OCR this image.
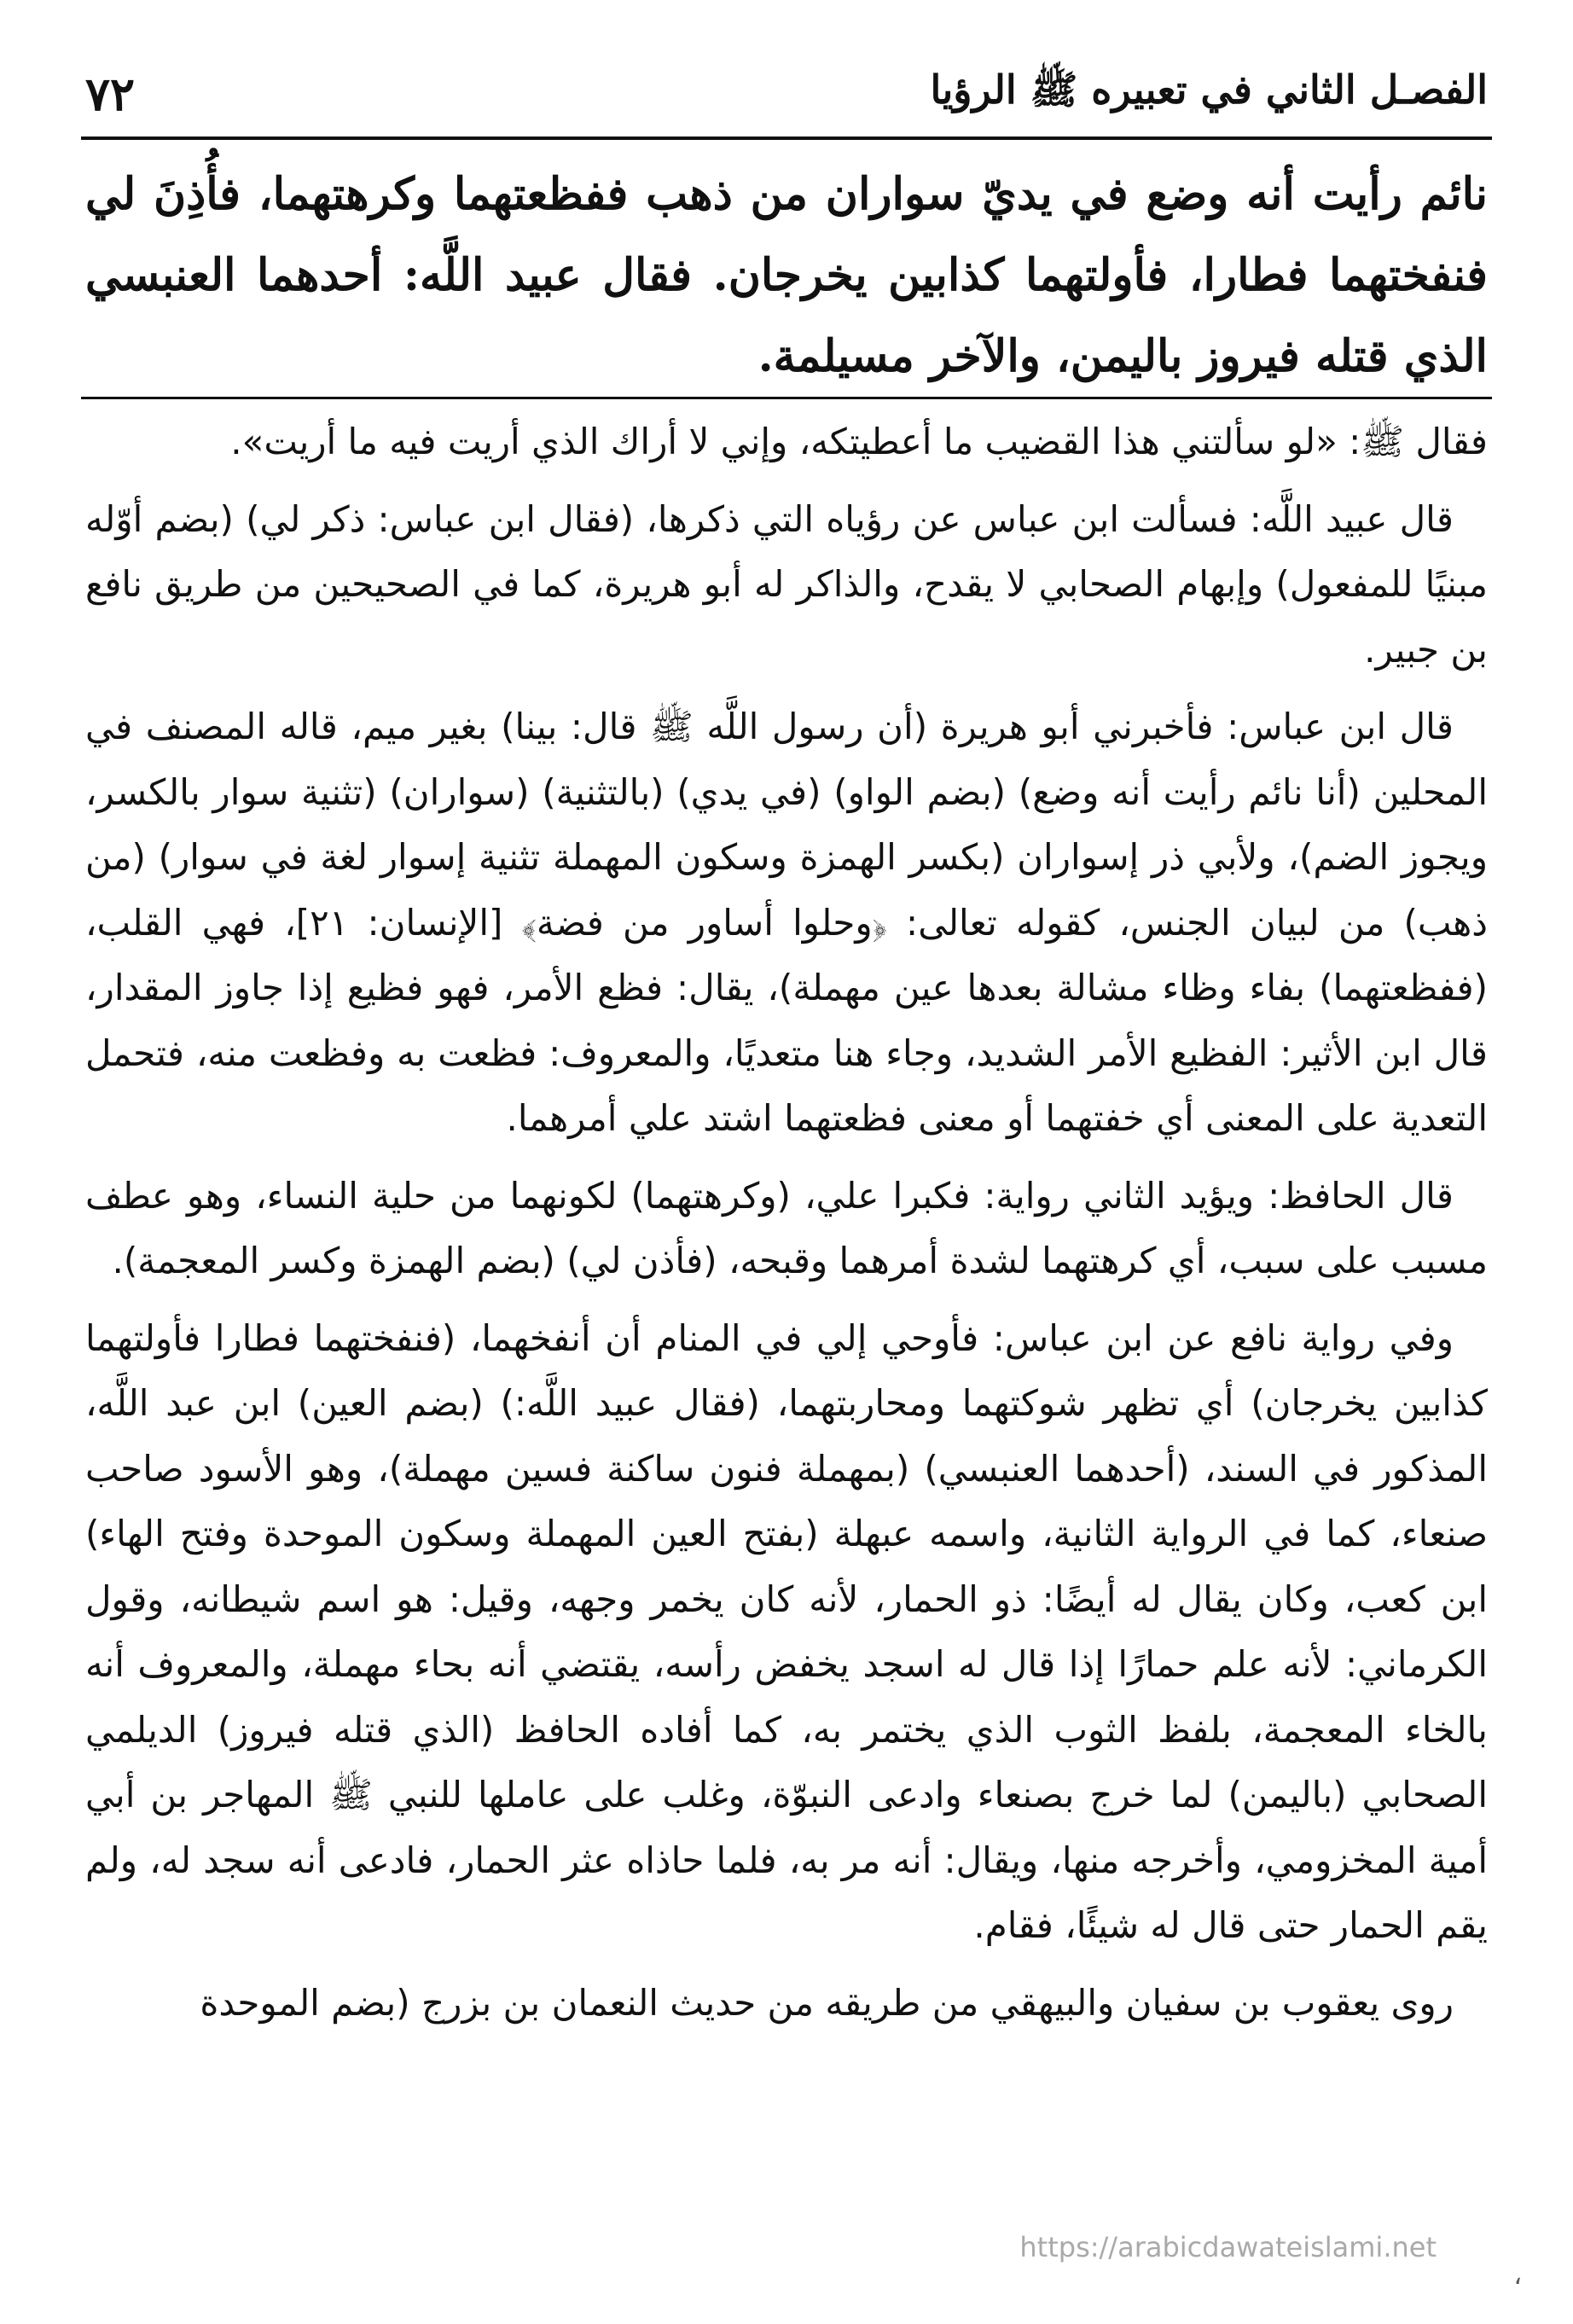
٧٢	الفصـل الثاني في تعبيره ﷺ الرؤيا
نائم رأيت أنه وضع في يديّ سواران من ذهب ففظعتهما وكرهتهما، فأُذِنَ لي فنفختهما فطارا، فأولتهما كذابين يخرجان. فقال عبيد اللَّه: أحدهما العنبسي الذي قتله فيروز باليمن، والآخر مسيلمة.

فقال ﷺ: «لو سألتني هذا القضيب ما أعطيتكه، وإني لا أراك الذي أريت فيه ما أريت».

قال عبيد اللَّه: فسألت ابن عباس عن رؤياه التي ذكرها، (فقال ابن عباس: ذكر لي) (بضم أوّله مبنيًا للمفعول) وإبهام الصحابي لا يقدح، والذاكر له أبو هريرة، كما في الصحيحين من طريق نافع بن جبير.

قال ابن عباس: فأخبرني أبو هريرة (أن رسول اللَّه ﷺ قال: بينا) بغير ميم، قاله المصنف في المحلين (أنا نائم رأيت أنه وضع) (بضم الواو) (في يدي) (بالتثنية) (سواران) (تثنية سوار بالكسر، ويجوز الضم)، ولأبي ذر إسواران (بكسر الهمزة وسكون المهملة تثنية إسوار لغة في سوار) (من ذهب) من لبيان الجنس، كقوله تعالى: ﴿وحلوا أساور من فضة﴾ [الإنسان: ٢١]، فهي القلب، (ففظعتهما) بفاء وظاء مشالة بعدها عين مهملة)، يقال: فظع الأمر، فهو فظيع إذا جاوز المقدار، قال ابن الأثير: الفظيع الأمر الشديد، وجاء هنا متعديًا، والمعروف: فظعت به وفظعت منه، فتحمل التعدية على المعنى أي خفتهما أو معنى فظعتهما اشتد علي أمرهما.

قال الحافظ: ويؤيد الثاني رواية: فكبرا علي، (وكرهتهما) لكونهما من حلية النساء، وهو عطف مسبب على سبب، أي كرهتهما لشدة أمرهما وقبحه، (فأذن لي) (بضم الهمزة وكسر المعجمة).

وفي رواية نافع عن ابن عباس: فأوحي إلي في المنام أن أنفخهما، (فنفختهما فطارا فأولتهما كذابين يخرجان) أي تظهر شوكتهما ومحاربتهما، (فقال عبيد اللَّه:) (بضم العين) ابن عبد اللَّه، المذكور في السند، (أحدهما العنبسي) (بمهملة فنون ساكنة فسين مهملة)، وهو الأسود صاحب صنعاء، كما في الرواية الثانية، واسمه عبهلة (بفتح العين المهملة وسكون الموحدة وفتح الهاء) ابن كعب، وكان يقال له أيضًا: ذو الحمار، لأنه كان يخمر وجهه، وقيل: هو اسم شيطانه، وقول الكرماني: لأنه علم حمارًا إذا قال له اسجد يخفض رأسه، يقتضي أنه بحاء مهملة، والمعروف أنه بالخاء المعجمة، بلفظ الثوب الذي يختمر به، كما أفاده الحافظ (الذي قتله فيروز) الديلمي الصحابي (باليمن) لما خرج بصنعاء وادعى النبوّة، وغلب على عاملها للنبي ﷺ المهاجر بن أبي أمية المخزومي، وأخرجه منها، ويقال: أنه مر به، فلما حاذاه عثر الحمار، فادعى أنه سجد له، ولم يقم الحمار حتى قال له شيئًا، فقام.

روى يعقوب بن سفيان والبيهقي من طريقه من حديث النعمان بن بزرج (بضم الموحدة

https://arabicdawateislami.net
،
